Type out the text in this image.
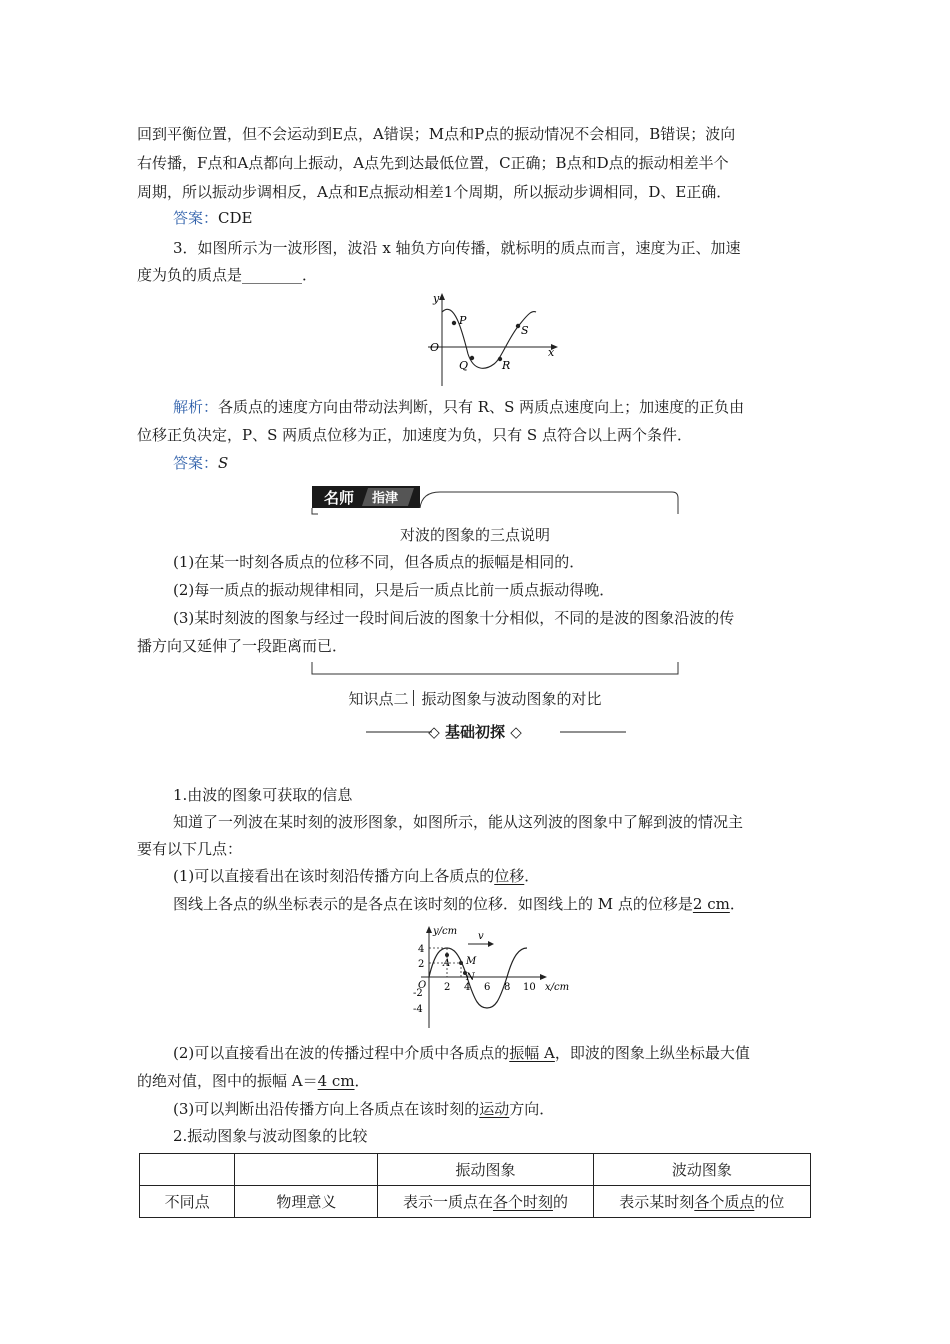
回到平衡位置，但不会运动到E点，A错误；M点和P点的振动情况不会相同，B错误；波向
右传播，F点和A点都向上振动，A点先到达最低位置，C正确；B点和D点的振动相差半个
周期，所以振动步调相反，A点和E点振动相差1个周期，所以振动步调相同，D、E正确．
答案：CDE
3．如图所示为一波形图，波沿 x 轴负方向传播，就标明的质点而言，速度为正、加速
度为负的质点是________．
y
x
O
P
Q	R
S
解析：各质点的速度方向由带动法判断，只有 R、S 两质点速度向上；加速度的正负由
位移正负决定，P、S 两质点位移为正，加速度为负，只有 S 点符合以上两个条件．
答案：S
名师 指津
对波的图象的三点说明
(1)在某一时刻各质点的位移不同，但各质点的振幅是相同的．
(2)每一质点的振动规律相同，只是后一质点比前一质点振动得晚．
(3)某时刻波的图象与经过一段时间后波的图象十分相似，不同的是波的图象沿波的传
播方向又延伸了一段距离而已．
知识点二 振动图象与波动图象的对比
◇ 基础初探 ◇
1.由波的图象可获取的信息
知道了一列波在某时刻的波形图象，如图所示，能从这列波的图象中了解到波的情况主
要有以下几点：
(1)可以直接看出在该时刻沿传播方向上各质点的位移．
图线上各点的纵坐标表示的是各点在该时刻的位移．如图线上的 M 点的位移是2 cm．
y/cm
x/cm
v
O
A M
N
4
2
-2
-4
2 4 6 8 10
(2)可以直接看出在波的传播过程中介质中各质点的振幅 A，即波的图象上纵坐标最大值
的绝对值，图中的振幅 A＝4 cm．
(3)可以判断出沿传播方向上各质点在该时刻的运动方向．
2.振动图象与波动图象的比较
		振动图象	波动图象
不同点	物理意义	表示一质点在各个时刻的	表示某时刻各个质点的位
